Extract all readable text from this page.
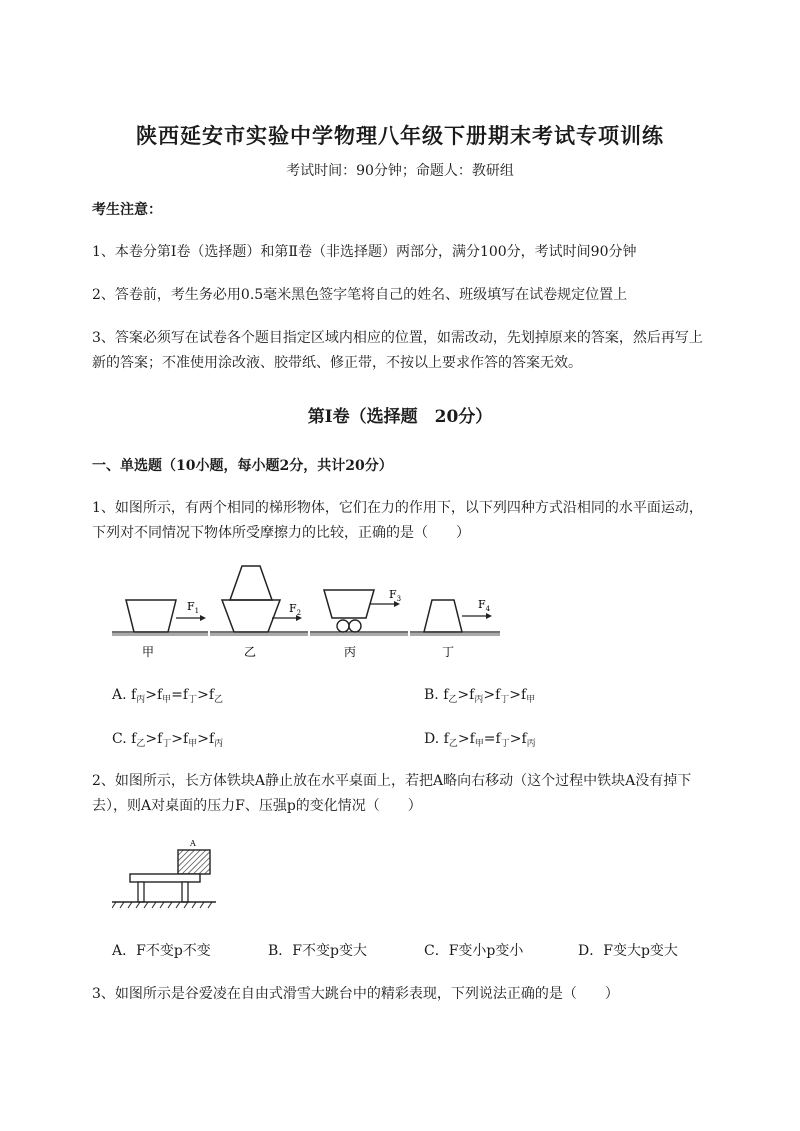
陕西延安市实验中学物理八年级下册期末考试专项训练
考试时间：90分钟；命题人：教研组
考生注意：
1、本卷分第I卷（选择题）和第Ⅱ卷（非选择题）两部分，满分100分，考试时间90分钟
2、答卷前，考生务必用0.5毫米黑色签字笔将自己的姓名、班级填写在试卷规定位置上
3、答案必须写在试卷各个题目指定区域内相应的位置，如需改动，先划掉原来的答案，然后再写上新的答案；不准使用涂改液、胶带纸、修正带，不按以上要求作答的答案无效。
第I卷（选择题　20分）
一、单选题（10小题，每小题2分，共计20分）
1、如图所示，有两个相同的梯形物体，它们在力的作用下，以下列四种方式沿相同的水平面运动，下列对不同情况下物体所受摩擦力的比较，正确的是（　　）
$F_1$
甲
$F_2$
乙
$F_3$
丙
$F_4$
丁
A. $f_丙>f_甲=f_丁>f_乙$	B. $f_乙>f_丙>f_丁>f_甲$
C. $f_乙>f_丁>f_甲>f_丙$	D. $f_乙>f_甲=f_丁>f_丙$
2、如图所示，长方体铁块A静止放在水平桌面上，若把A略向右移动（这个过程中铁块A没有掉下去），则A对桌面的压力F、压强p的变化情况（　　）
A
A．F不变p不变	B．F不变p变大	C．F变小p变小	D．F变大p变大
3、如图所示是谷爱凌在自由式滑雪大跳台中的精彩表现，下列说法正确的是（　　）
